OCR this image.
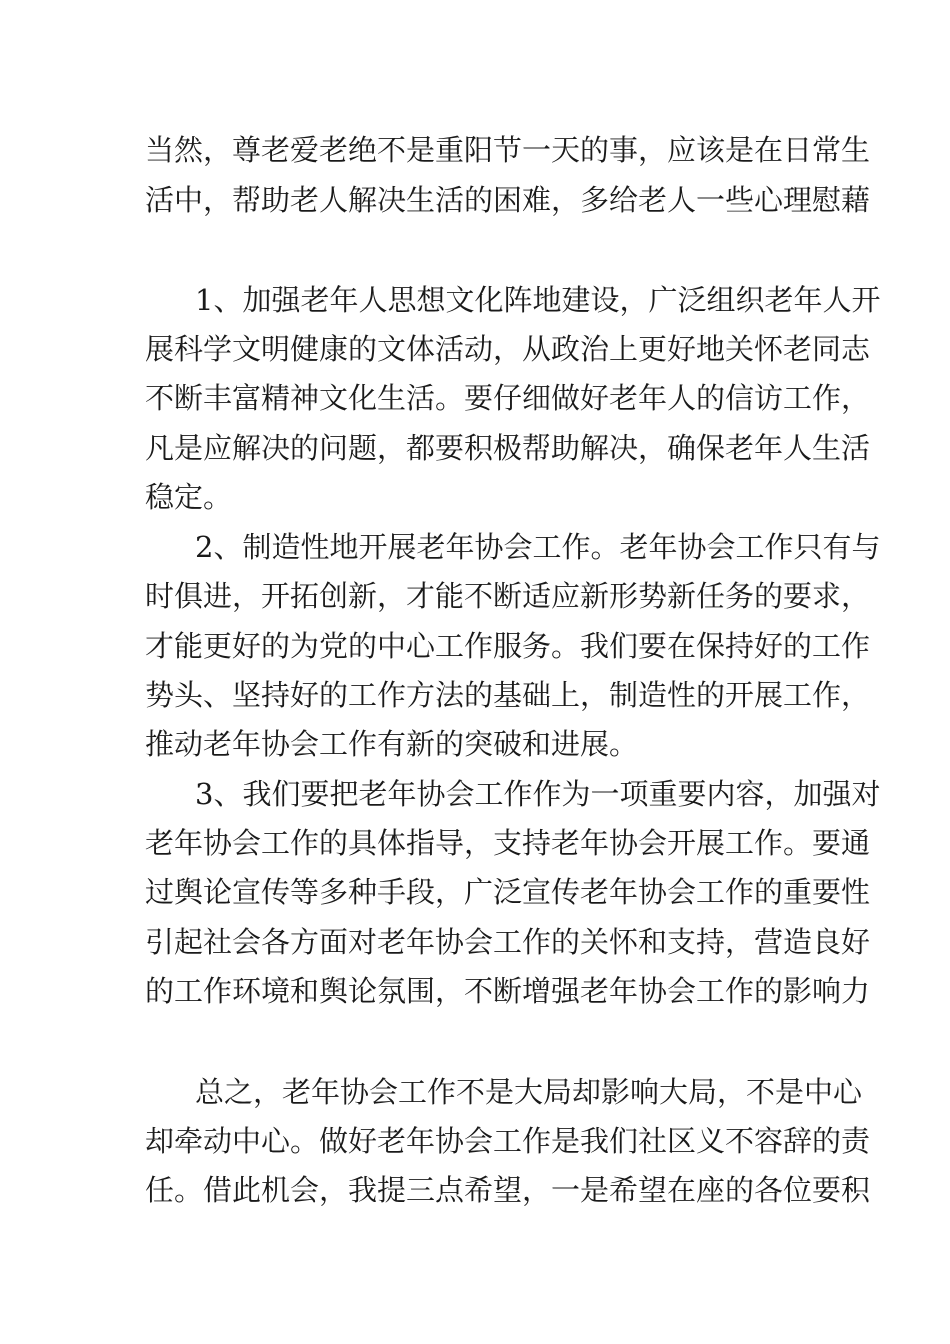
当然，尊老爱老绝不是重阳节一天的事，应该是在日常生
活中，帮助老人解决生活的困难，多给老人一些心理慰藉
1、加强老年人思想文化阵地建设，广泛组织老年人开
展科学文明健康的文体活动，从政治上更好地关怀老同志
不断丰富精神文化生活。要仔细做好老年人的信访工作，
凡是应解决的问题，都要积极帮助解决，确保老年人生活
稳定。
2、制造性地开展老年协会工作。老年协会工作只有与
时俱进，开拓创新，才能不断适应新形势新任务的要求，
才能更好的为党的中心工作服务。我们要在保持好的工作
势头、坚持好的工作方法的基础上，制造性的开展工作，
推动老年协会工作有新的突破和进展。
3、我们要把老年协会工作作为一项重要内容，加强对
老年协会工作的具体指导，支持老年协会开展工作。要通
过舆论宣传等多种手段，广泛宣传老年协会工作的重要性
引起社会各方面对老年协会工作的关怀和支持，营造良好
的工作环境和舆论氛围，不断增强老年协会工作的影响力
总之，老年协会工作不是大局却影响大局，不是中心
却牵动中心。做好老年协会工作是我们社区义不容辞的责
任。借此机会，我提三点希望，一是希望在座的各位要积
